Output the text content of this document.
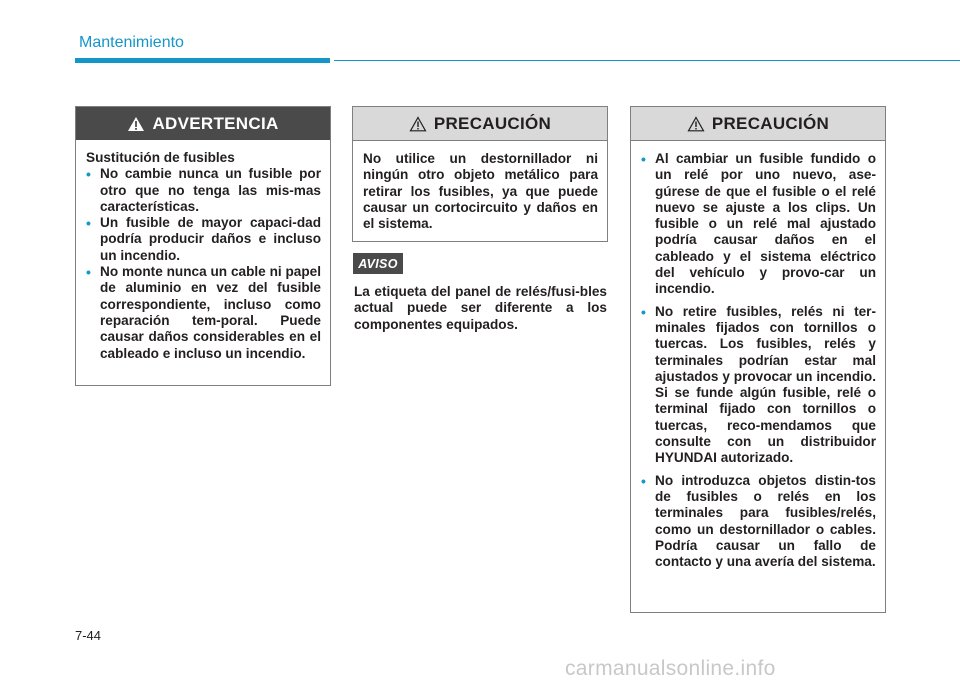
Mantenimiento
ADVERTENCIA

Sustitución de fusibles

• No cambie nunca un fusible por otro que no tenga las mis-mas características.
• Un fusible de mayor capaci-dad podría producir daños e incluso un incendio.
• No monte nunca un cable ni papel de aluminio en vez del fusible correspondiente, incluso como reparación tem-poral. Puede causar daños considerables en el cableado e incluso un incendio.
PRECAUCIÓN

No utilice un destornillador ni ningún otro objeto metálico para retirar los fusibles, ya que puede causar un cortocircuito y daños en el sistema.

AVISO
La etiqueta del panel de relés/fusi-bles actual puede ser diferente a los componentes equipados.
PRECAUCIÓN
• Al cambiar un fusible fundido o un relé por uno nuevo, ase-gúrese de que el fusible o el relé nuevo se ajuste a los clips. Un fusible o un relé mal ajustado podría causar daños en el cableado y el sistema eléctrico del vehículo y provo-car un incendio.
• No retire fusibles, relés ni ter-minales fijados con tornillos o tuercas. Los fusibles, relés y terminales podrían estar mal ajustados y provocar un incendio. Si se funde algún fusible, relé o terminal fijado con tornillos o tuercas, reco-mendamos que consulte con un distribuidor HYUNDAI autorizado.
• No introduzca objetos distin-tos de fusibles o relés en los terminales para fusibles/relés, como un destornillador o cables. Podría causar un fallo de contacto y una avería del sistema.
7-44
carmanualsonline.info
